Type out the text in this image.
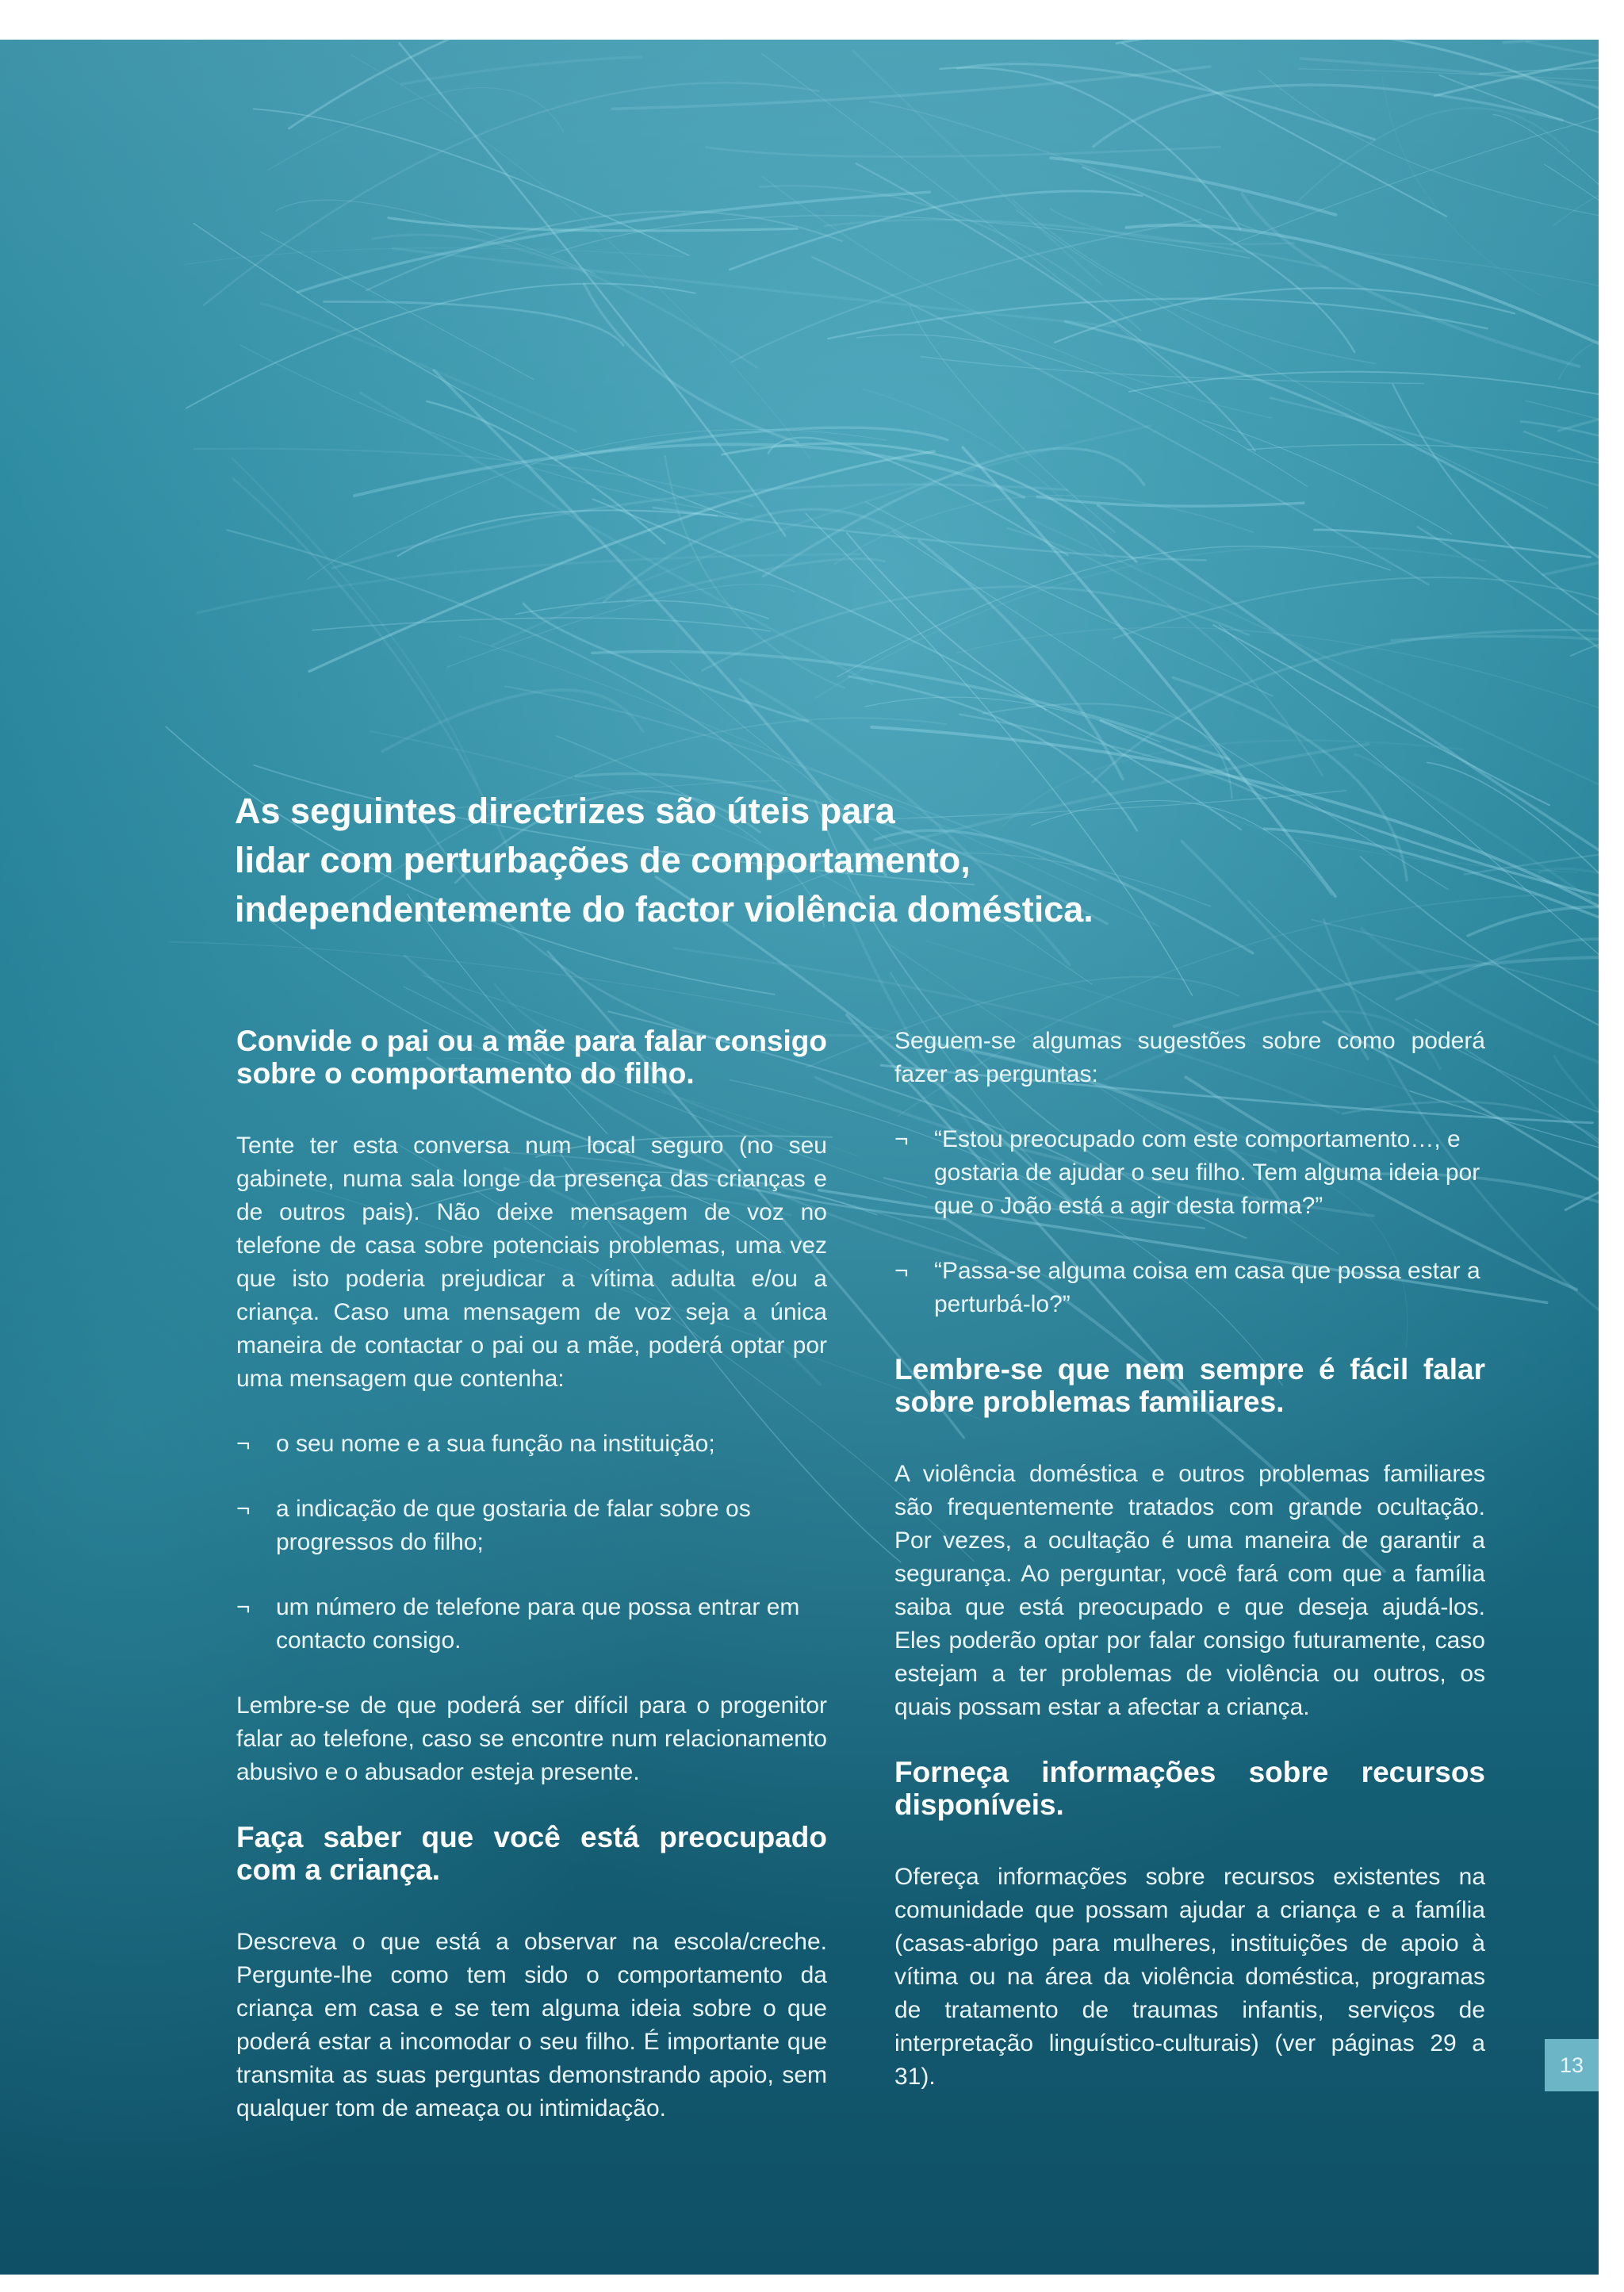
As seguintes directrizes são úteis para
lidar com perturbações de comportamento,
independentemente do factor violência doméstica.
Convide o pai ou a mãe para falar consigo sobre o comportamento do filho.

Tente ter esta conversa num local seguro (no seu gabinete, numa sala longe da presença das crianças e de outros pais). Não deixe mensagem de voz no telefone de casa sobre potenciais problemas, uma vez que isto poderia prejudicar a vítima adulta e/ou a criança. Caso uma mensagem de voz seja a única maneira de contactar o pai ou a mãe, poderá optar por uma mensagem que contenha:

¬ o seu nome e a sua função na instituição;
¬ a indicação de que gostaria de falar sobre os progressos do filho;
¬ um número de telefone para que possa entrar em contacto consigo.

Lembre-se de que poderá ser difícil para o progenitor falar ao telefone, caso se encontre num relacionamento abusivo e o abusador esteja presente.

Faça saber que você está preocupado com a criança.

Descreva o que está a observar na escola/creche. Pergunte-lhe como tem sido o comportamento da criança em casa e se tem alguma ideia sobre o que poderá estar a incomodar o seu filho. É importante que transmita as suas perguntas demonstrando apoio, sem qualquer tom de ameaça ou intimidação.

Seguem-se algumas sugestões sobre como poderá fazer as perguntas:

¬ “Estou preocupado com este comportamento…, e gostaria de ajudar o seu filho. Tem alguma ideia por que o João está a agir desta forma?”
¬ “Passa-se alguma coisa em casa que possa estar a perturbá-lo?”
Lembre-se que nem sempre é fácil falar sobre problemas familiares.

A violência doméstica e outros problemas familiares são frequentemente tratados com grande ocultação. Por vezes, a ocultação é uma maneira de garantir a segurança. Ao perguntar, você fará com que a família saiba que está preocupado e que deseja ajudá-los. Eles poderão optar por falar consigo futuramente, caso estejam a ter problemas de violência ou outros, os quais possam estar a afectar a criança.

Forneça informações sobre recursos disponíveis.

Ofereça informações sobre recursos existentes na comunidade que possam ajudar a criança e a família (casas-abrigo para mulheres, instituições de apoio à vítima ou na área da violência doméstica, programas de tratamento de traumas infantis, serviços de interpretação linguístico-culturais) (ver páginas 29 a 31).	13
